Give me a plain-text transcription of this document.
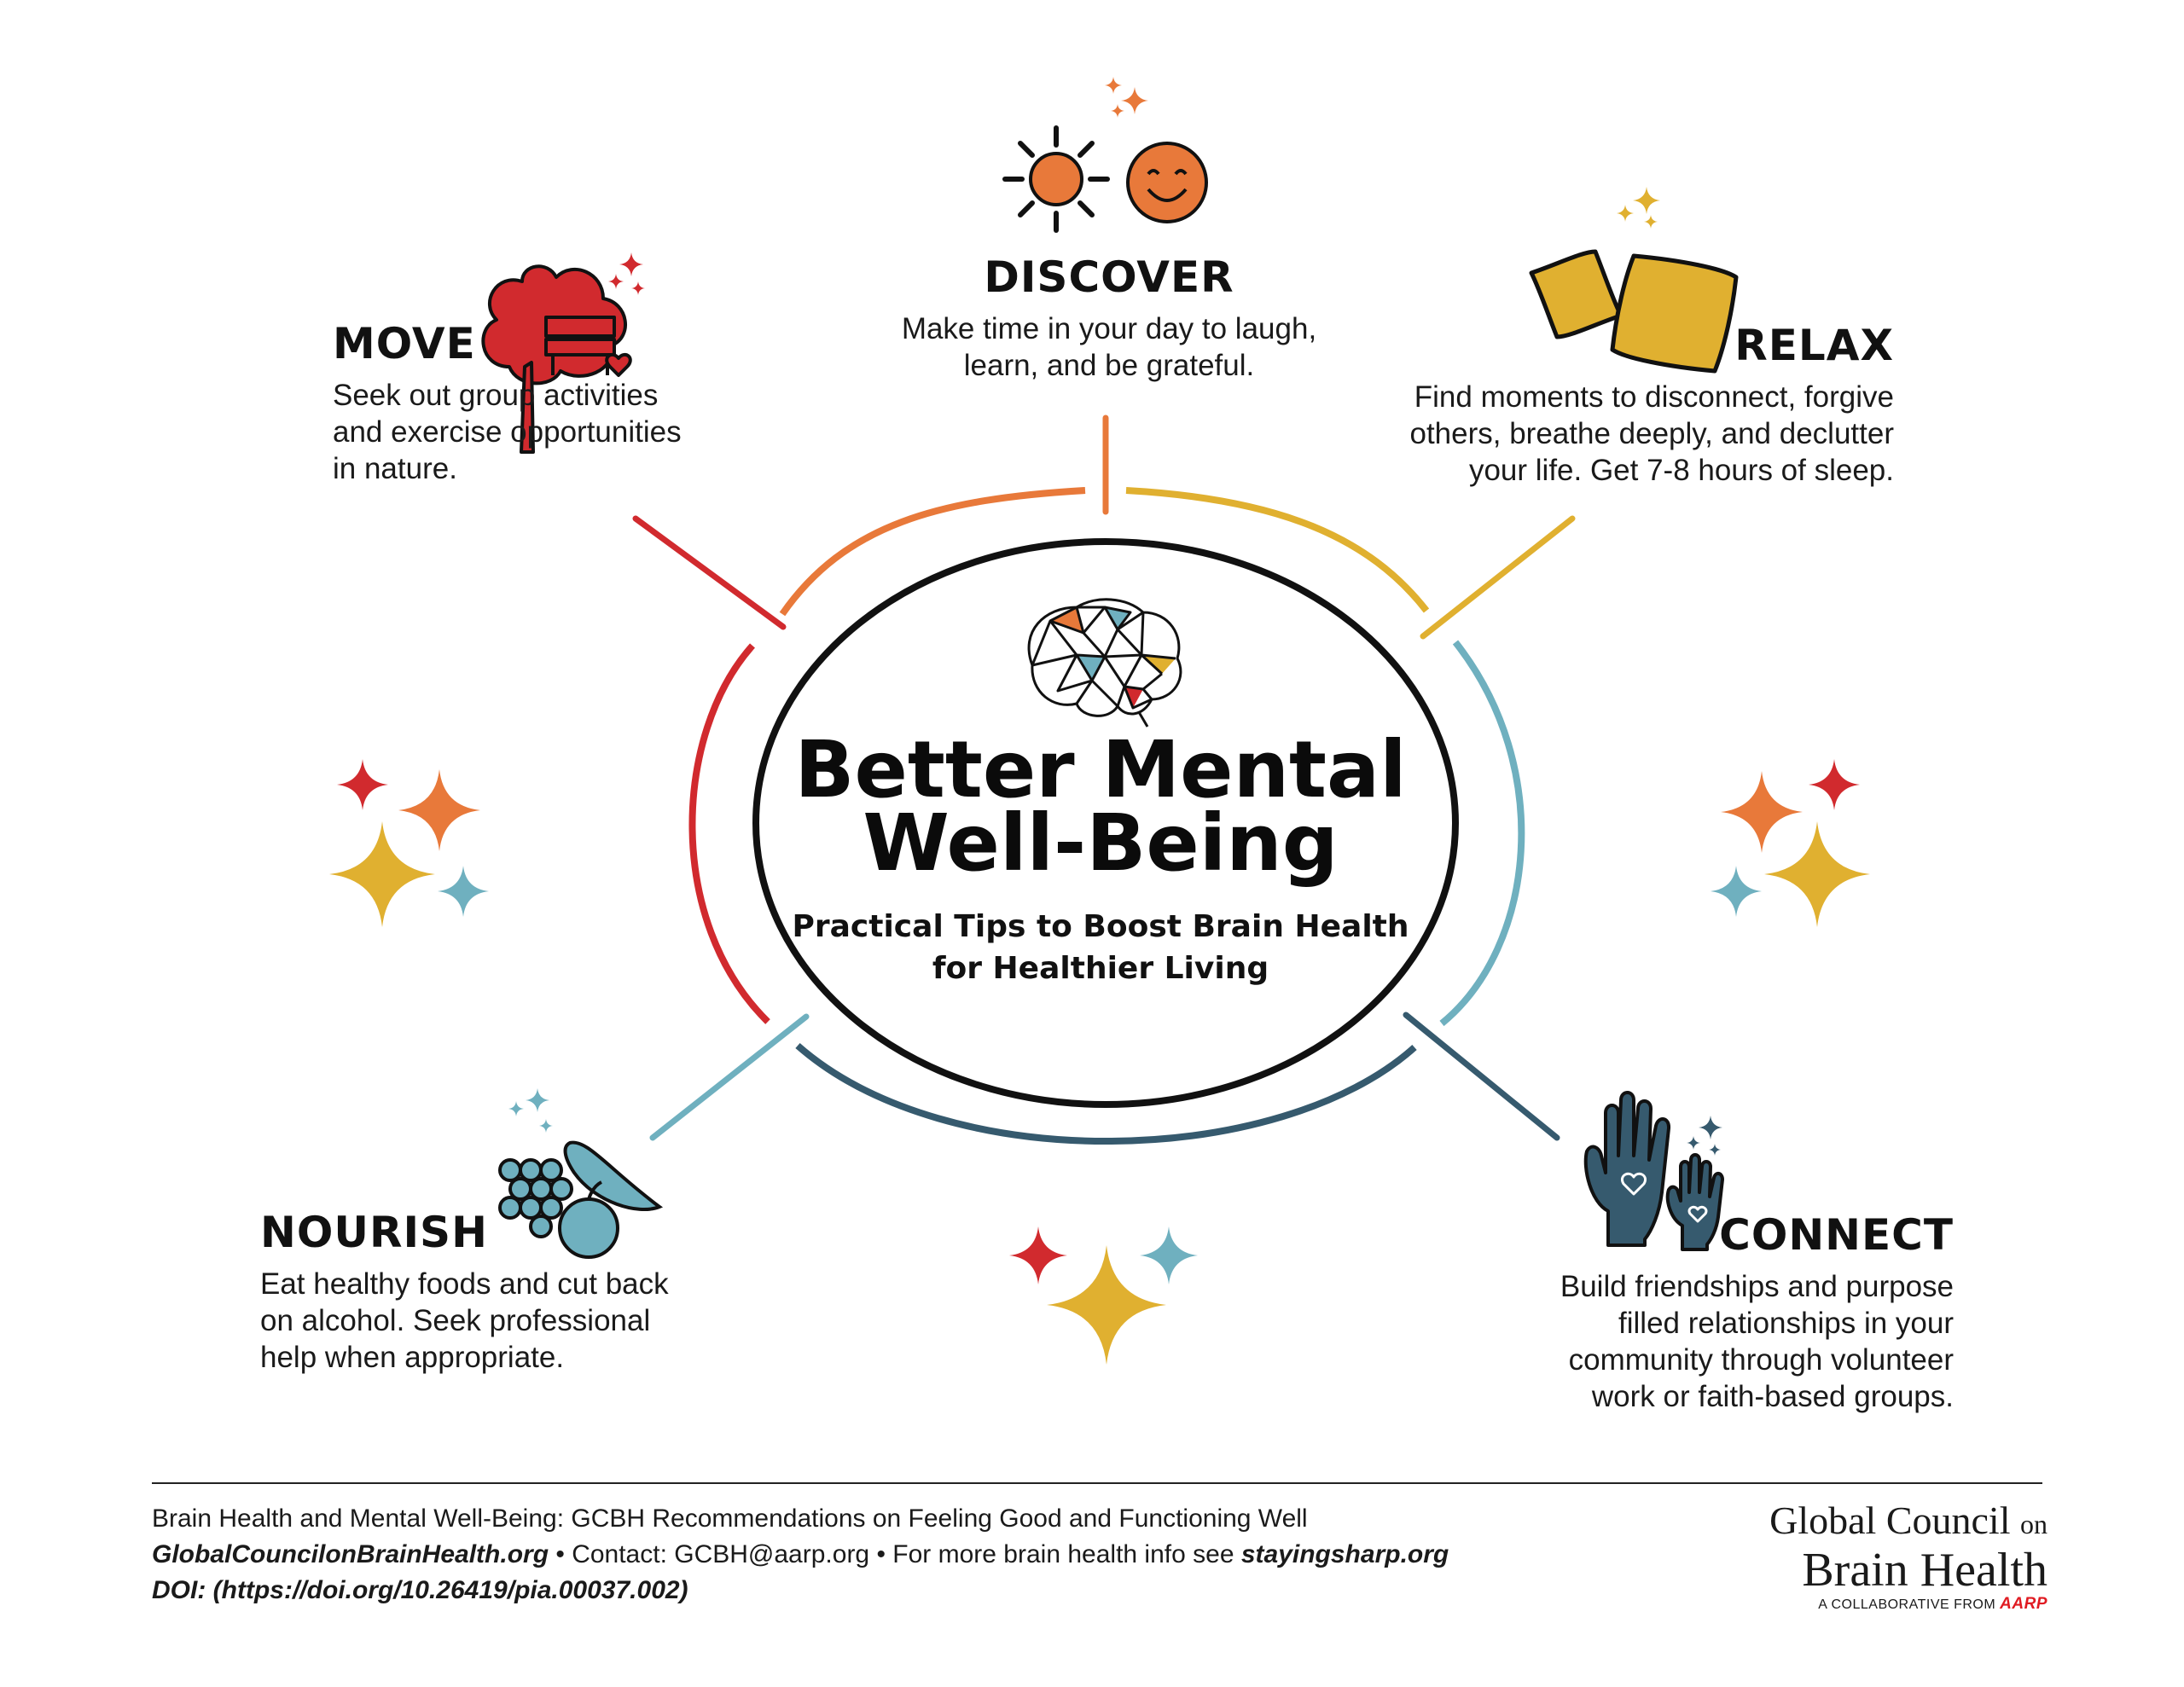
MOVE

Seek out group activities
and exercise opportunities
in nature.

DISCOVER

Make time in your day to laugh,
learn, and be grateful.	RELAX

Find moments to disconnect, forgive
others, breathe deeply, and declutter
your life. Get 7-8 hours of sleep.

NOURISH

Eat healthy foods and cut back
on alcohol. Seek professional
help when appropriate.

CONNECT

Build friendships and purpose
filled relationships in your
community through volunteer
work or faith-based groups.

Better Mental
Well-Being

Practical Tips to Boost Brain Health
for Healthier Living

Brain Health and Mental Well-Being: GCBH Recommendations on Feeling Good and Functioning Well

GlobalCouncilonBrainHealth.org • Contact: GCBH@aarp.org • For more brain health info see stayingsharp.org

DOI: (https://doi.org/10.26419/pia.00037.002)

Global Council on
Brain Health
A COLLABORATIVE FROM AARP
